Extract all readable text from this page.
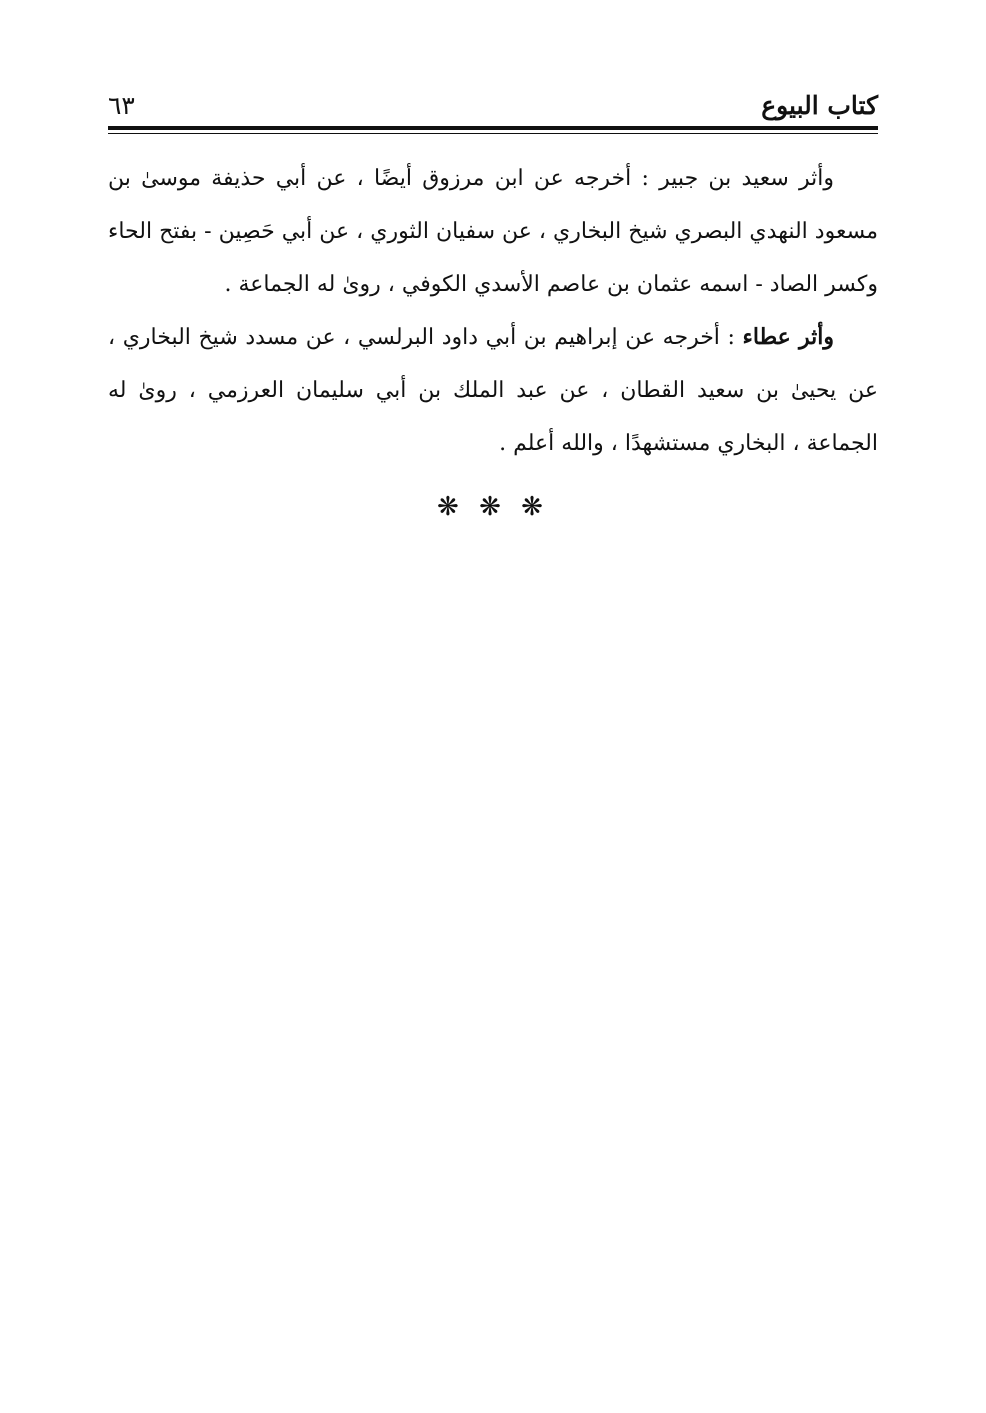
كتاب البيوع
٦٣

وأثر سعيد بن جبير : أخرجه عن ابن مرزوق أيضًا ، عن أبي حذيفة موسىٰ بن مسعود النهدي البصري شيخ البخاري ، عن سفيان الثوري ، عن أبي حَصِين - بفتح الحاء وكسر الصاد - اسمه عثمان بن عاصم الأسدي الكوفي ، روىٰ له الجماعة .

وأثر عطاء : أخرجه عن إبراهيم بن أبي داود البرلسي ، عن مسدد شيخ البخاري ، عن يحيىٰ بن سعيد القطان ، عن عبد الملك بن أبي سليمان العرزمي ، روىٰ له الجماعة ، البخاري مستشهدًا ، والله أعلم .

❋ ❋ ❋
